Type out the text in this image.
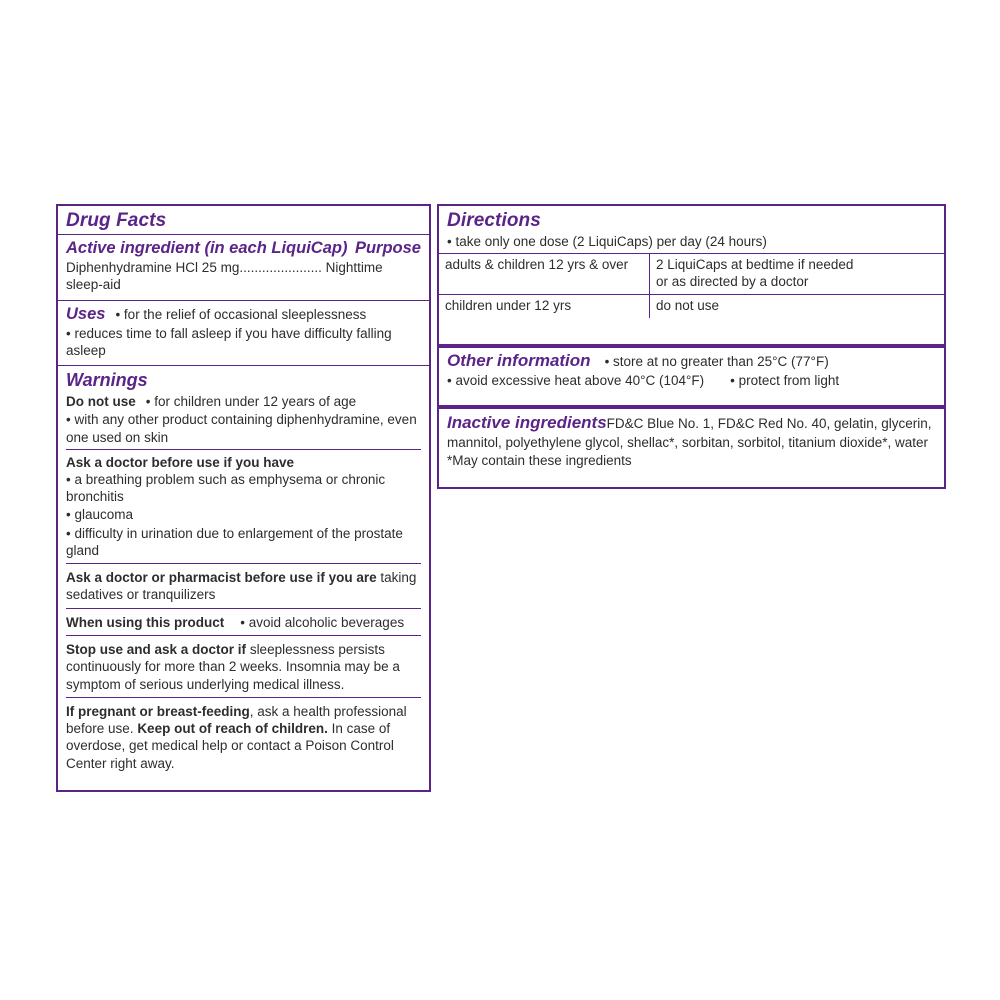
Drug Facts
Active ingredient (in each LiquiCap) Purpose
Diphenhydramine HCl 25 mg...................... Nighttime sleep-aid
Uses • for the relief of occasional sleeplessness
• reduces time to fall asleep if you have difficulty falling asleep
Warnings
Do not use • for children under 12 years of age
• with any other product containing diphenhydramine, even one used on skin
Ask a doctor before use if you have
• a breathing problem such as emphysema or chronic bronchitis
• glaucoma
• difficulty in urination due to enlargement of the prostate gland
Ask a doctor or pharmacist before use if you are taking sedatives or tranquilizers
When using this product • avoid alcoholic beverages
Stop use and ask a doctor if sleeplessness persists continuously for more than 2 weeks. Insomnia may be a symptom of serious underlying medical illness.
If pregnant or breast-feeding, ask a health professional before use. Keep out of reach of children. In case of overdose, get medical help or contact a Poison Control Center right away.
Directions
• take only one dose (2 LiquiCaps) per day (24 hours)
adults & children 12 yrs & over	2 LiquiCaps at bedtime if needed
or as directed by a doctor

children under 12 yrs	do not use
Other information • store at no greater than 25°C (77°F)
• avoid excessive heat above 40°C (104°F) • protect from light
Inactive ingredientsFD&C Blue No. 1, FD&C Red No. 40, gelatin, glycerin, mannitol, polyethylene glycol, shellac*, sorbitan, sorbitol, titanium dioxide*, water
*May contain these ingredients
